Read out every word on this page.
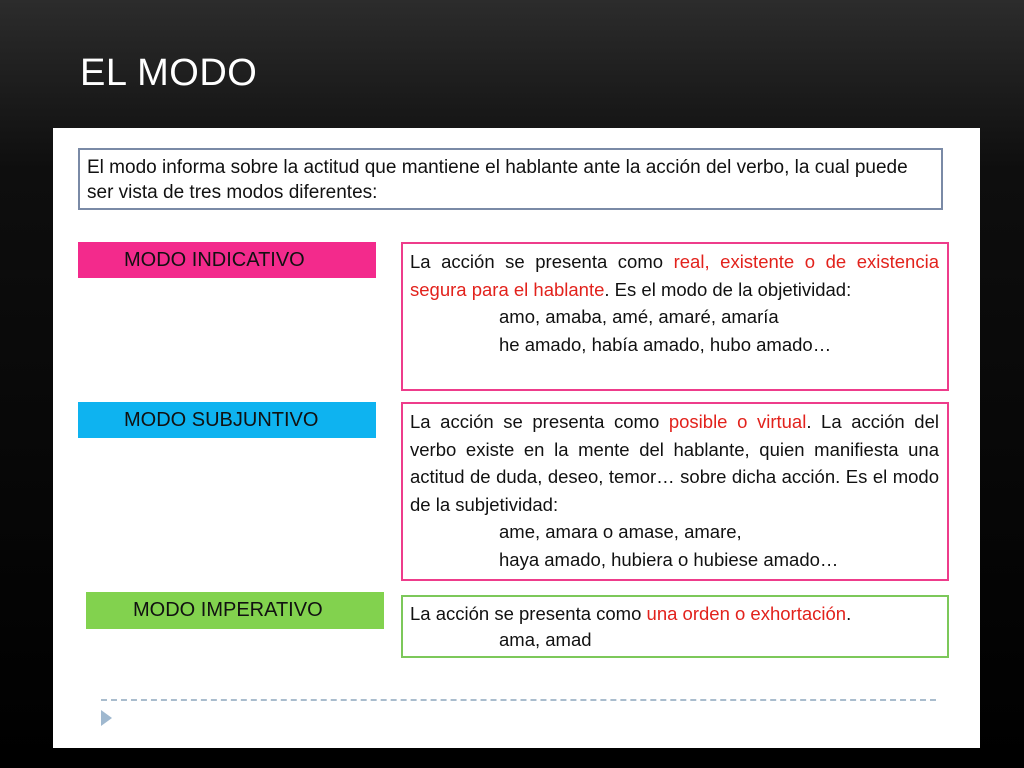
EL MODO
El modo informa sobre la actitud que mantiene el hablante ante la acción del verbo, la cual puede ser vista de tres modos diferentes:
MODO INDICATIVO	La acción se presenta como real, existente o de existencia segura para el hablante. Es el modo de la objetividad:
amo, amaba, amé, amaré, amaría
he amado, había amado, hubo amado…
MODO SUBJUNTIVO	La acción se presenta como posible o virtual. La acción del verbo existe en la mente del hablante, quien manifiesta una actitud de duda, deseo, temor… sobre dicha acción. Es el modo de la subjetividad:
ame, amara o amase, amare,
haya amado, hubiera o hubiese amado…
MODO IMPERATIVO	La acción se presenta como una orden o exhortación.
ama, amad
